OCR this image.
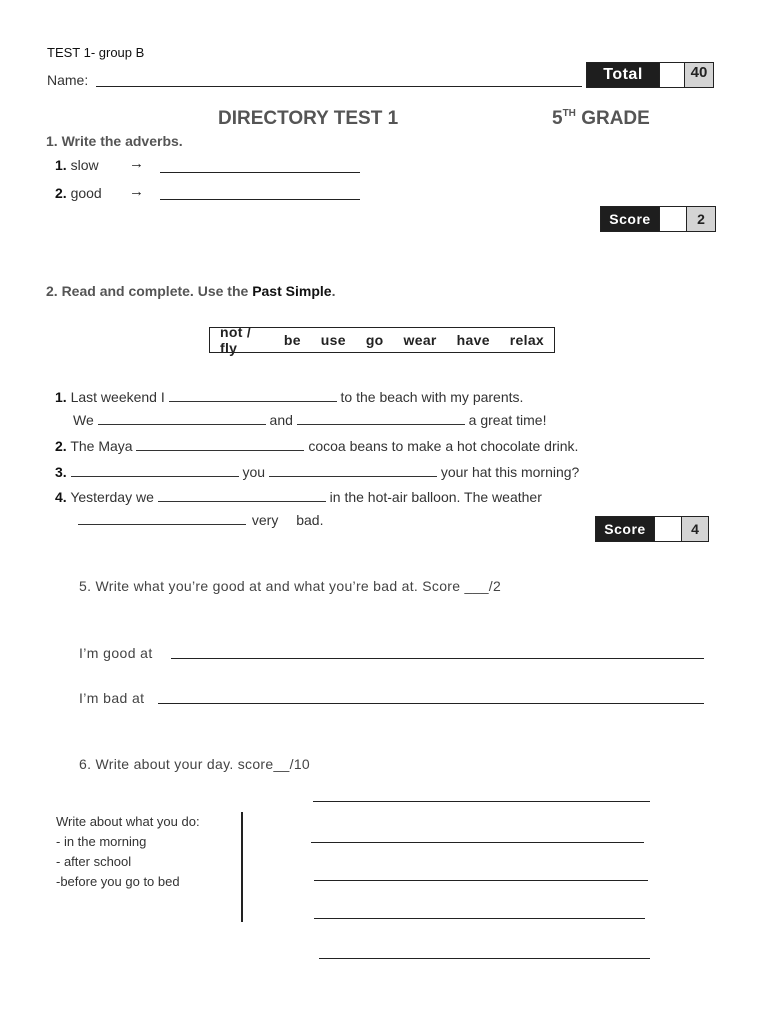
TEST 1- group B
Name:	Total	40
DIRECTORY TEST 1	5TH GRADE
1. Write the adverbs.
1. slow →
2. good →
Score	2
2. Read and complete. Use the Past Simple.
not / fly	be use go wear have relax
1. Last weekend I	to the beach with my parents.
We	and	a great time!
2. The Maya	cocoa beans to make a hot chocolate drink.
3.	you	your hat this morning?
4. Yesterday we	in the hot-air balloon. The weather
very bad.
Score	4
5. Write what you’re good at and what you’re bad at. Score ___/2
I’m good at
I’m bad at
6. Write about your day. score__/10
Write about what you do:
- in the morning
- after school
-before you go to bed
